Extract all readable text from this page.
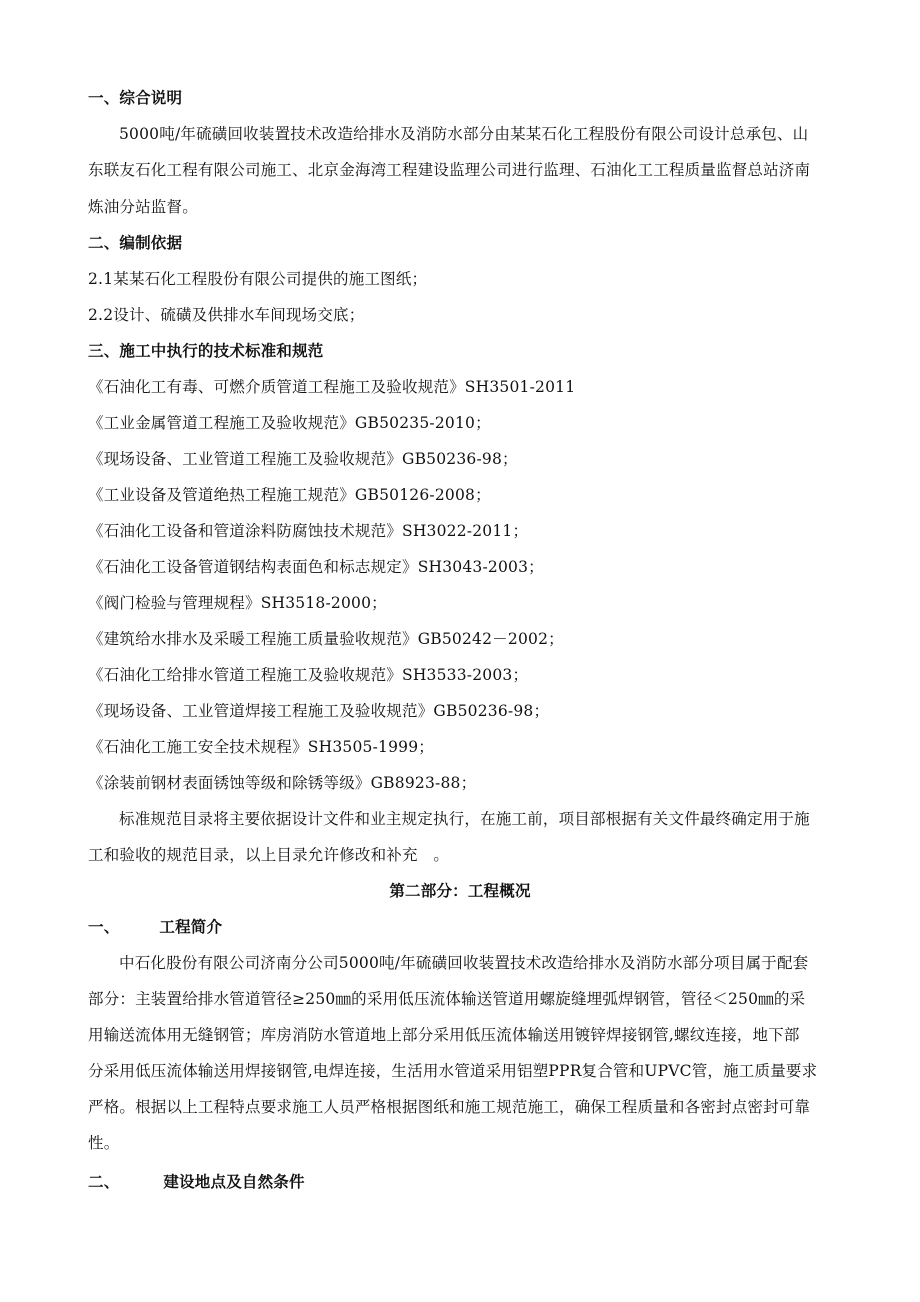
一、综合说明
5000吨/年硫磺回收装置技术改造给排水及消防水部分由某某石化工程股份有限公司设计总承包、山
东联友石化工程有限公司施工、北京金海湾工程建设监理公司进行监理、石油化工工程质量监督总站济南
炼油分站监督。
二、编制依据
2.1某某石化工程股份有限公司提供的施工图纸；
2.2设计、硫磺及供排水车间现场交底；
三、施工中执行的技术标准和规范
《石油化工有毒、可燃介质管道工程施工及验收规范》SH3501-2011
《工业金属管道工程施工及验收规范》GB50235-2010；
《现场设备、工业管道工程施工及验收规范》GB50236-98；
《工业设备及管道绝热工程施工规范》GB50126-2008；
《石油化工设备和管道涂料防腐蚀技术规范》SH3022-2011；
《石油化工设备管道钢结构表面色和标志规定》SH3043-2003；
《阀门检验与管理规程》SH3518-2000；
《建筑给水排水及采暖工程施工质量验收规范》GB50242－2002；
《石油化工给排水管道工程施工及验收规范》SH3533-2003；
《现场设备、工业管道焊接工程施工及验收规范》GB50236-98；
《石油化工施工安全技术规程》SH3505-1999；
《涂装前钢材表面锈蚀等级和除锈等级》GB8923-88；
标准规范目录将主要依据设计文件和业主规定执行，在施工前，项目部根据有关文件最终确定用于施
工和验收的规范目录，以上目录允许修改和补充　。
第二部分：工程概况
一、	工程简介
中石化股份有限公司济南分公司5000吨/年硫磺回收装置技术改造给排水及消防水部分项目属于配套
部分：主装置给排水管道管径≥250㎜的采用低压流体输送管道用螺旋缝埋弧焊钢管，管径＜250㎜的采
用输送流体用无缝钢管；库房消防水管道地上部分采用低压流体输送用镀锌焊接钢管,螺纹连接，地下部
分采用低压流体输送用焊接钢管,电焊连接，生活用水管道采用铝塑PPR复合管和UPVC管，施工质量要求
严格。根据以上工程特点要求施工人员严格根据图纸和施工规范施工，确保工程质量和各密封点密封可靠
性。
二、	建设地点及自然条件
